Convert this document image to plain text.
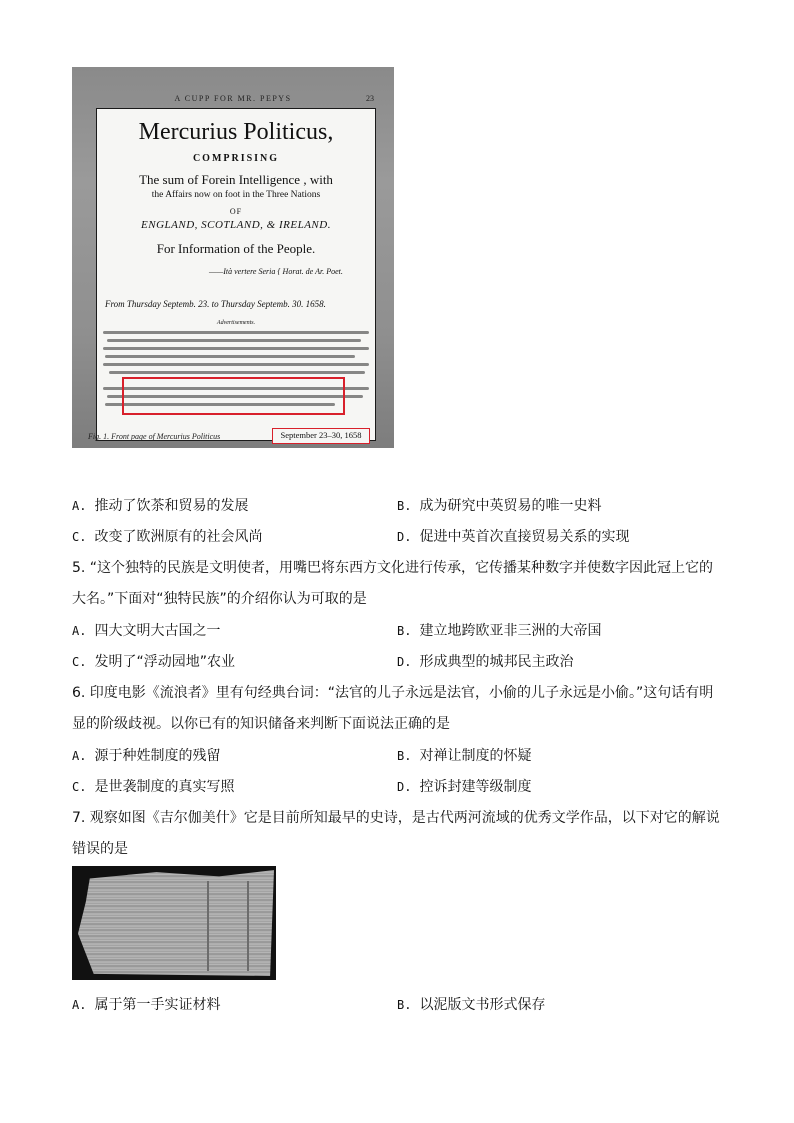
A CUPP FOR MR. PEPYS	23
Mercurius Politicus,
COMPRISING
The sum of Forein Intelligence , with
the Affairs now on foot in the Three Nations
OF
ENGLAND, SCOTLAND, & IRELAND.
For Information of the People.
——Ità vertere Seria { Horat. de Ar. Poet.
From Thursday Septemb. 23. to Thursday Septemb. 30. 1658.
Advertisements.
Fig. 1. Front page of Mercurius Politicus	September 23–30, 1658
A. 推动了饮茶和贸易的发展	B. 成为研究中英贸易的唯一史料
C. 改变了欧洲原有的社会风尚	D. 促进中英首次直接贸易关系的实现
5. “这个独特的民族是文明使者，用嘴巴将东西方文化进行传承，它传播某种数字并使数字因此冠上它的
大名。”下面对“独特民族”的介绍你认为可取的是
A. 四大文明大古国之一	B. 建立地跨欧亚非三洲的大帝国
C. 发明了“浮动园地”农业	D. 形成典型的城邦民主政治
6. 印度电影《流浪者》里有句经典台词：“法官的儿子永远是法官，小偷的儿子永远是小偷。”这句话有明
显的阶级歧视。以你已有的知识储备来判断下面说法正确的是
A. 源于种姓制度的残留	B. 对禅让制度的怀疑
C. 是世袭制度的真实写照	D. 控诉封建等级制度
7. 观察如图《吉尔伽美什》它是目前所知最早的史诗，是古代两河流域的优秀文学作品，以下对它的解说
错误的是
A. 属于第一手实证材料	B. 以泥版文书形式保存
